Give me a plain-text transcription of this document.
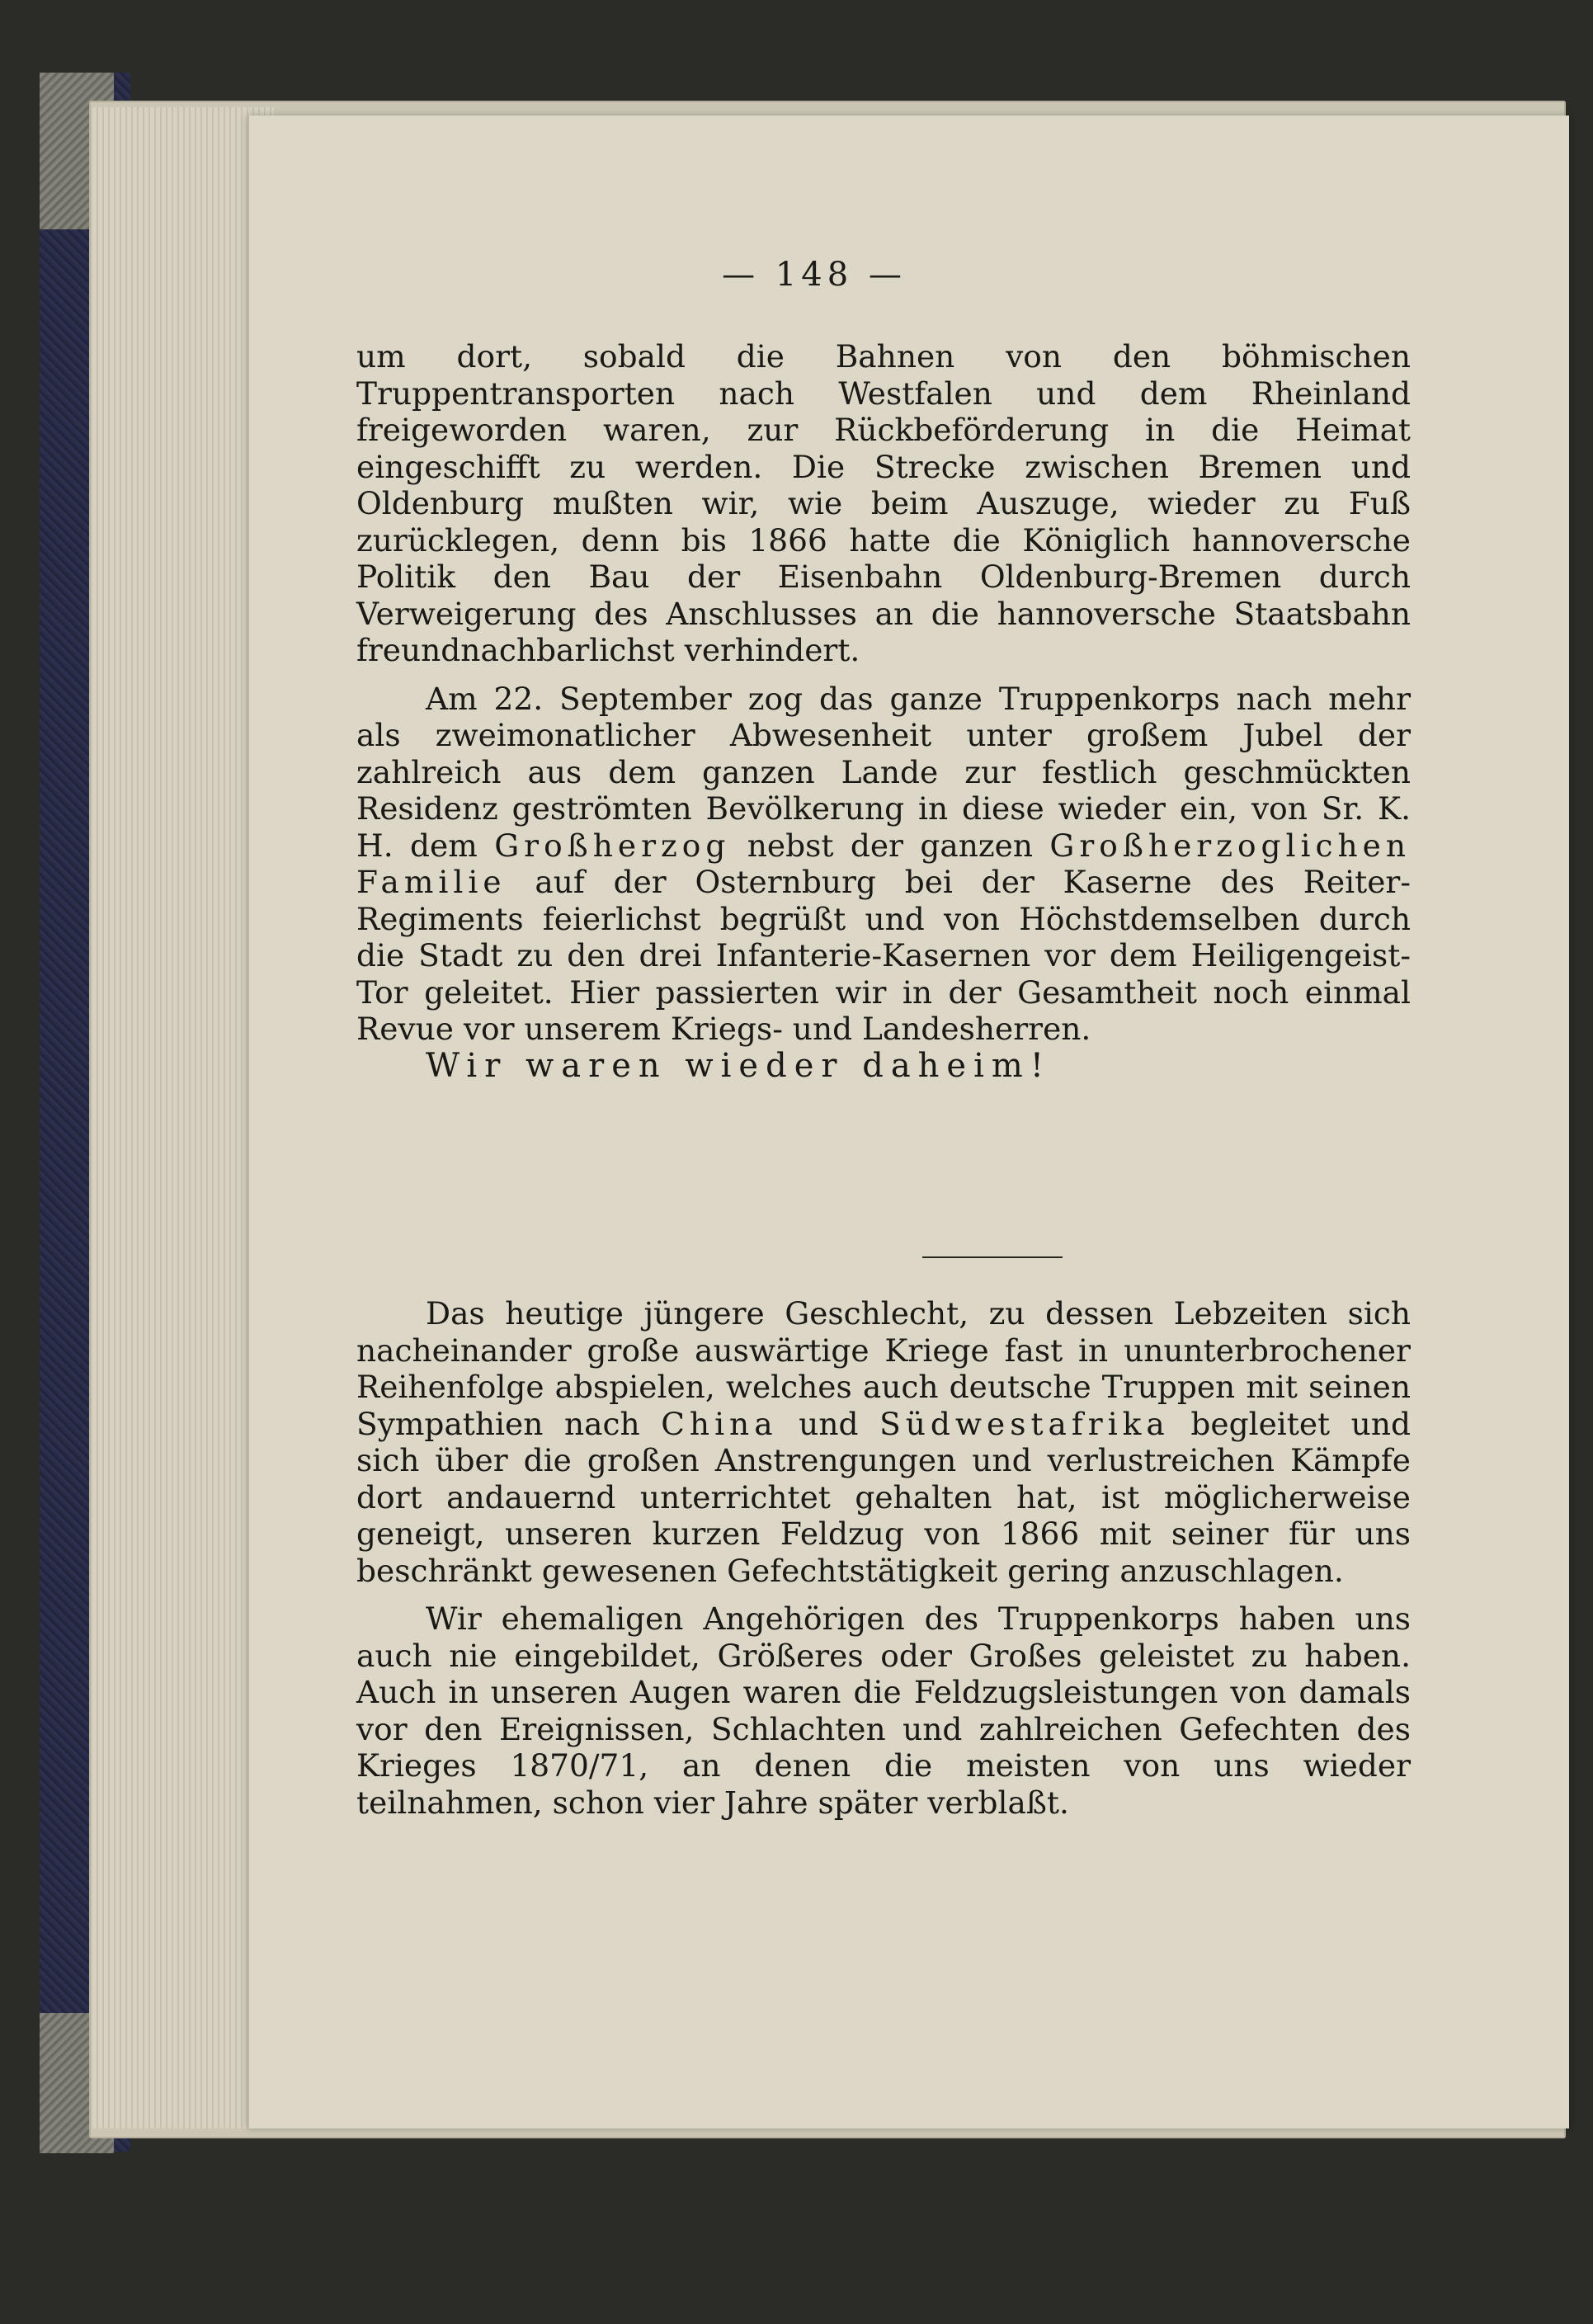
— 148 —

um dort, sobald die Bahnen von den böhmischen Truppentransporten nach Westfalen und dem Rheinland freigeworden waren, zur Rückbeförderung in die Heimat eingeschifft zu werden. Die Strecke zwischen Bremen und Oldenburg mußten wir, wie beim Auszuge, wieder zu Fuß zurücklegen, denn bis 1866 hatte die Königlich hannoversche Politik den Bau der Eisenbahn Oldenburg-Bremen durch Verweigerung des Anschlusses an die hannoversche Staatsbahn freundnachbarlichst verhindert.

Am 22. September zog das ganze Truppenkorps nach mehr als zweimonatlicher Abwesenheit unter großem Jubel der zahlreich aus dem ganzen Lande zur festlich geschmückten Residenz geströmten Bevölkerung in diese wieder ein, von Sr. K. H. dem Großherzog nebst der ganzen Großherzoglichen Familie auf der Osternburg bei der Kaserne des Reiter-Regiments feierlichst begrüßt und von Höchstdemselben durch die Stadt zu den drei Infanterie-Kasernen vor dem Heiligengeist-Tor geleitet. Hier passierten wir in der Gesamtheit noch einmal Revue vor unserem Kriegs- und Landesherren.

Wir waren wieder daheim!

Das heutige jüngere Geschlecht, zu dessen Lebzeiten sich nacheinander große auswärtige Kriege fast in ununterbrochener Reihenfolge abspielen, welches auch deutsche Truppen mit seinen Sympathien nach China und Südwestafrika begleitet und sich über die großen Anstrengungen und verlustreichen Kämpfe dort andauernd unterrichtet gehalten hat, ist möglicherweise geneigt, unseren kurzen Feldzug von 1866 mit seiner für uns beschränkt gewesenen Gefechtstätigkeit gering anzuschlagen.

Wir ehemaligen Angehörigen des Truppenkorps haben uns auch nie eingebildet, Größeres oder Großes geleistet zu haben. Auch in unseren Augen waren die Feldzugsleistungen von damals vor den Ereignissen, Schlachten und zahlreichen Gefechten des Krieges 1870/71, an denen die meisten von uns wieder teilnahmen, schon vier Jahre später verblaßt.
